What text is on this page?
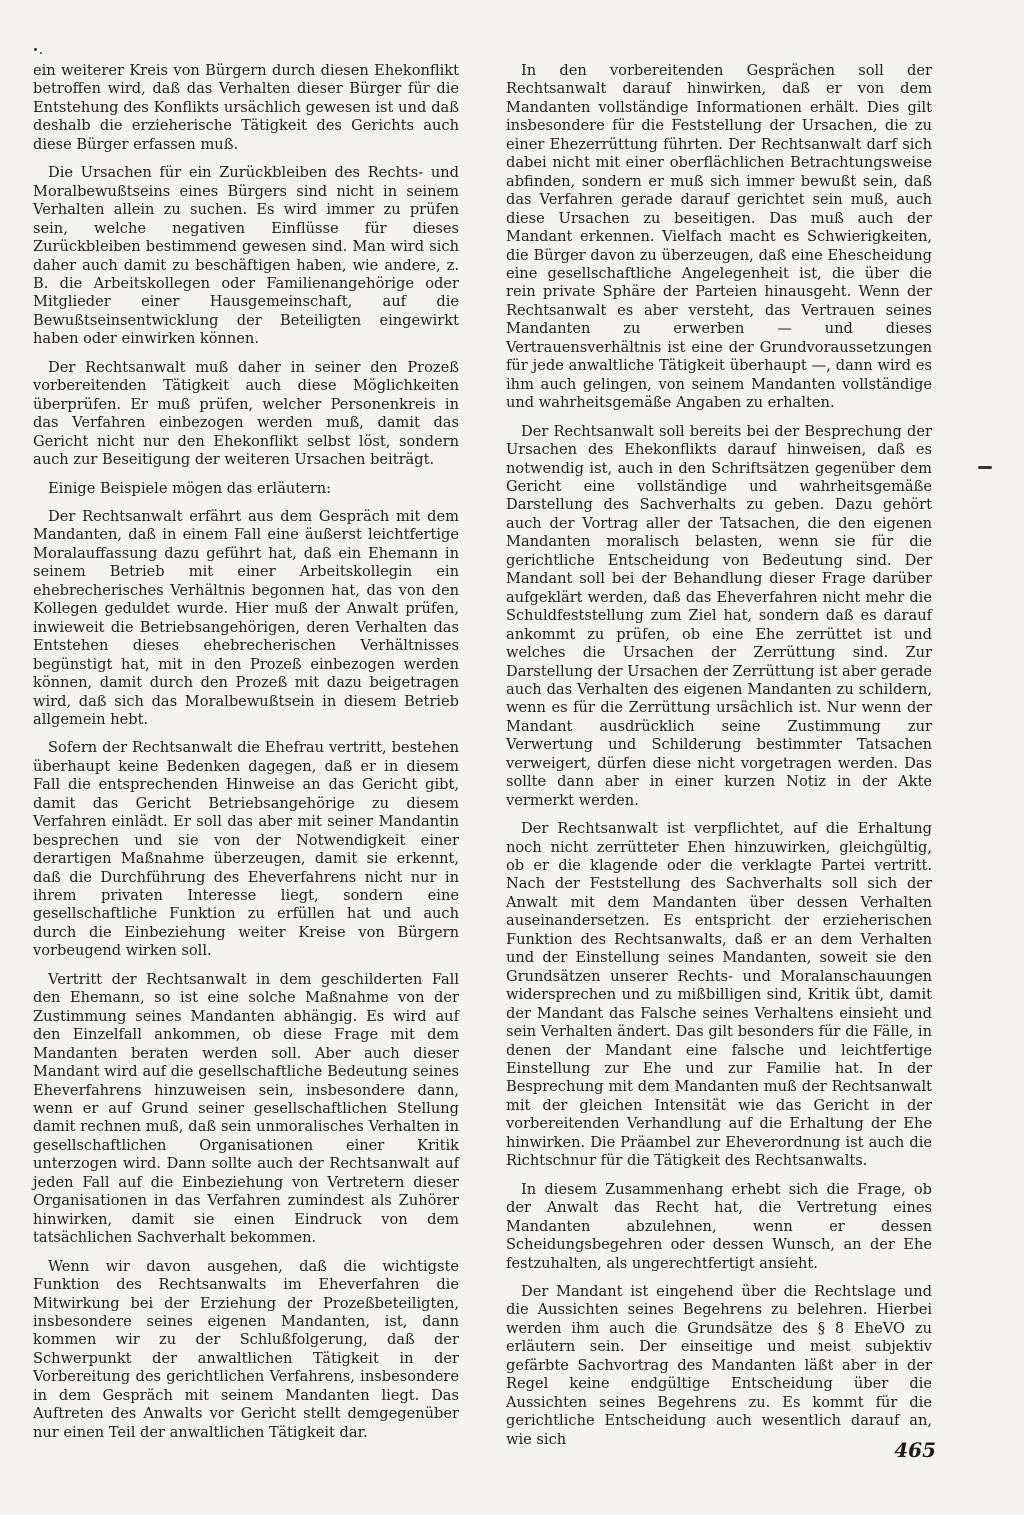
ein weiterer Kreis von Bürgern durch diesen Ehekonflikt betroffen wird, daß das Verhalten dieser Bürger für die Entstehung des Konflikts ursächlich gewesen ist und daß deshalb die erzieherische Tätigkeit des Gerichts auch diese Bürger erfassen muß.

Die Ursachen für ein Zurückbleiben des Rechts- und Moralbewußtseins eines Bürgers sind nicht in seinem Verhalten allein zu suchen. Es wird immer zu prüfen sein, welche negativen Einflüsse für dieses Zurückbleiben bestimmend gewesen sind. Man wird sich daher auch damit zu beschäftigen haben, wie andere, z. B. die Arbeitskollegen oder Familienangehörige oder Mitglieder einer Hausgemeinschaft, auf die Bewußtseinsentwicklung der Beteiligten eingewirkt haben oder einwirken können.

Der Rechtsanwalt muß daher in seiner den Prozeß vorbereitenden Tätigkeit auch diese Möglichkeiten überprüfen. Er muß prüfen, welcher Personenkreis in das Verfahren einbezogen werden muß, damit das Gericht nicht nur den Ehekonflikt selbst löst, sondern auch zur Beseitigung der weiteren Ursachen beiträgt.

Einige Beispiele mögen das erläutern:

Der Rechtsanwalt erfährt aus dem Gespräch mit dem Mandanten, daß in einem Fall eine äußerst leichtfertige Moralauffassung dazu geführt hat, daß ein Ehemann in seinem Betrieb mit einer Arbeitskollegin ein ehebrecherisches Verhältnis begonnen hat, das von den Kollegen geduldet wurde. Hier muß der Anwalt prüfen, inwieweit die Betriebsangehörigen, deren Verhalten das Entstehen dieses ehebrecherischen Verhältnisses begünstigt hat, mit in den Prozeß einbezogen werden können, damit durch den Prozeß mit dazu beigetragen wird, daß sich das Moralbewußtsein in diesem Betrieb allgemein hebt.

Sofern der Rechtsanwalt die Ehefrau vertritt, bestehen überhaupt keine Bedenken dagegen, daß er in diesem Fall die entsprechenden Hinweise an das Gericht gibt, damit das Gericht Betriebsangehörige zu diesem Verfahren einlädt. Er soll das aber mit seiner Mandantin besprechen und sie von der Notwendigkeit einer derartigen Maßnahme überzeugen, damit sie erkennt, daß die Durchführung des Eheverfahrens nicht nur in ihrem privaten Interesse liegt, sondern eine gesellschaftliche Funktion zu erfüllen hat und auch durch die Einbeziehung weiter Kreise von Bürgern vorbeugend wirken soll.

Vertritt der Rechtsanwalt in dem geschilderten Fall den Ehemann, so ist eine solche Maßnahme von der Zustimmung seines Mandanten abhängig. Es wird auf den Einzelfall ankommen, ob diese Frage mit dem Mandanten beraten werden soll. Aber auch dieser Mandant wird auf die gesellschaftliche Bedeutung seines Eheverfahrens hinzuweisen sein, insbesondere dann, wenn er auf Grund seiner gesellschaftlichen Stellung damit rechnen muß, daß sein unmoralisches Verhalten in gesellschaftlichen Organisationen einer Kritik unterzogen wird. Dann sollte auch der Rechtsanwalt auf jeden Fall auf die Einbeziehung von Vertretern dieser Organisationen in das Verfahren zumindest als Zuhörer hinwirken, damit sie einen Eindruck von dem tatsächlichen Sachverhalt bekommen.

Wenn wir davon ausgehen, daß die wichtigste Funktion des Rechtsanwalts im Eheverfahren die Mitwirkung bei der Erziehung der Prozeßbeteiligten, insbesondere seines eigenen Mandanten, ist, dann kommen wir zu der Schlußfolgerung, daß der Schwerpunkt der anwaltlichen Tätigkeit in der Vorbereitung des gerichtlichen Verfahrens, insbesondere in dem Gespräch mit seinem Mandanten liegt. Das Auftreten des Anwalts vor Gericht stellt demgegenüber nur einen Teil der anwaltlichen Tätigkeit dar.

In den vorbereitenden Gesprächen soll der Rechtsanwalt darauf hinwirken, daß er von dem Mandanten vollständige Informationen erhält. Dies gilt insbesondere für die Feststellung der Ursachen, die zu einer Ehezerrüttung führten. Der Rechtsanwalt darf sich dabei nicht mit einer oberflächlichen Betrachtungsweise abfinden, sondern er muß sich immer bewußt sein, daß das Verfahren gerade darauf gerichtet sein muß, auch diese Ursachen zu beseitigen. Das muß auch der Mandant erkennen. Vielfach macht es Schwierigkeiten, die Bürger davon zu überzeugen, daß eine Ehescheidung eine gesellschaftliche Angelegenheit ist, die über die rein private Sphäre der Parteien hinausgeht. Wenn der Rechtsanwalt es aber versteht, das Vertrauen seines Mandanten zu erwerben — und dieses Vertrauensverhältnis ist eine der Grundvoraussetzungen für jede anwaltliche Tätigkeit überhaupt —, dann wird es ihm auch gelingen, von seinem Mandanten vollständige und wahrheitsgemäße Angaben zu erhalten.

Der Rechtsanwalt soll bereits bei der Besprechung der Ursachen des Ehekonflikts darauf hinweisen, daß es notwendig ist, auch in den Schriftsätzen gegenüber dem Gericht eine vollständige und wahrheitsgemäße Darstellung des Sachverhalts zu geben. Dazu gehört auch der Vortrag aller der Tatsachen, die den eigenen Mandanten moralisch belasten, wenn sie für die gerichtliche Entscheidung von Bedeutung sind. Der Mandant soll bei der Behandlung dieser Frage darüber aufgeklärt werden, daß das Eheverfahren nicht mehr die Schuldfeststellung zum Ziel hat, sondern daß es darauf ankommt zu prüfen, ob eine Ehe zerrüttet ist und welches die Ursachen der Zerrüttung sind. Zur Darstellung der Ursachen der Zerrüttung ist aber gerade auch das Verhalten des eigenen Mandanten zu schildern, wenn es für die Zerrüttung ursächlich ist. Nur wenn der Mandant ausdrücklich seine Zustimmung zur Verwertung und Schilderung bestimmter Tatsachen verweigert, dürfen diese nicht vorgetragen werden. Das sollte dann aber in einer kurzen Notiz in der Akte vermerkt werden.

Der Rechtsanwalt ist verpflichtet, auf die Erhaltung noch nicht zerrütteter Ehen hinzuwirken, gleichgültig, ob er die klagende oder die verklagte Partei vertritt. Nach der Feststellung des Sachverhalts soll sich der Anwalt mit dem Mandanten über dessen Verhalten auseinandersetzen. Es entspricht der erzieherischen Funktion des Rechtsanwalts, daß er an dem Verhalten und der Einstellung seines Mandanten, soweit sie den Grundsätzen unserer Rechts- und Moralanschauungen widersprechen und zu mißbilligen sind, Kritik übt, damit der Mandant das Falsche seines Verhaltens einsieht und sein Verhalten ändert. Das gilt besonders für die Fälle, in denen der Mandant eine falsche und leichtfertige Einstellung zur Ehe und zur Familie hat. In der Besprechung mit dem Mandanten muß der Rechtsanwalt mit der gleichen Intensität wie das Gericht in der vorbereitenden Verhandlung auf die Erhaltung der Ehe hinwirken. Die Präambel zur Eheverordnung ist auch die Richtschnur für die Tätigkeit des Rechtsanwalts.

In diesem Zusammenhang erhebt sich die Frage, ob der Anwalt das Recht hat, die Vertretung eines Mandanten abzulehnen, wenn er dessen Scheidungsbegehren oder dessen Wunsch, an der Ehe festzuhalten, als ungerechtfertigt ansieht.

Der Mandant ist eingehend über die Rechtslage und die Aussichten seines Begehrens zu belehren. Hierbei werden ihm auch die Grundsätze des § 8 EheVO zu erläutern sein. Der einseitige und meist subjektiv gefärbte Sachvortrag des Mandanten läßt aber in der Regel keine endgültige Entscheidung über die Aussichten seines Begehrens zu. Es kommt für die gerichtliche Entscheidung auch wesentlich darauf an, wie sich	465
